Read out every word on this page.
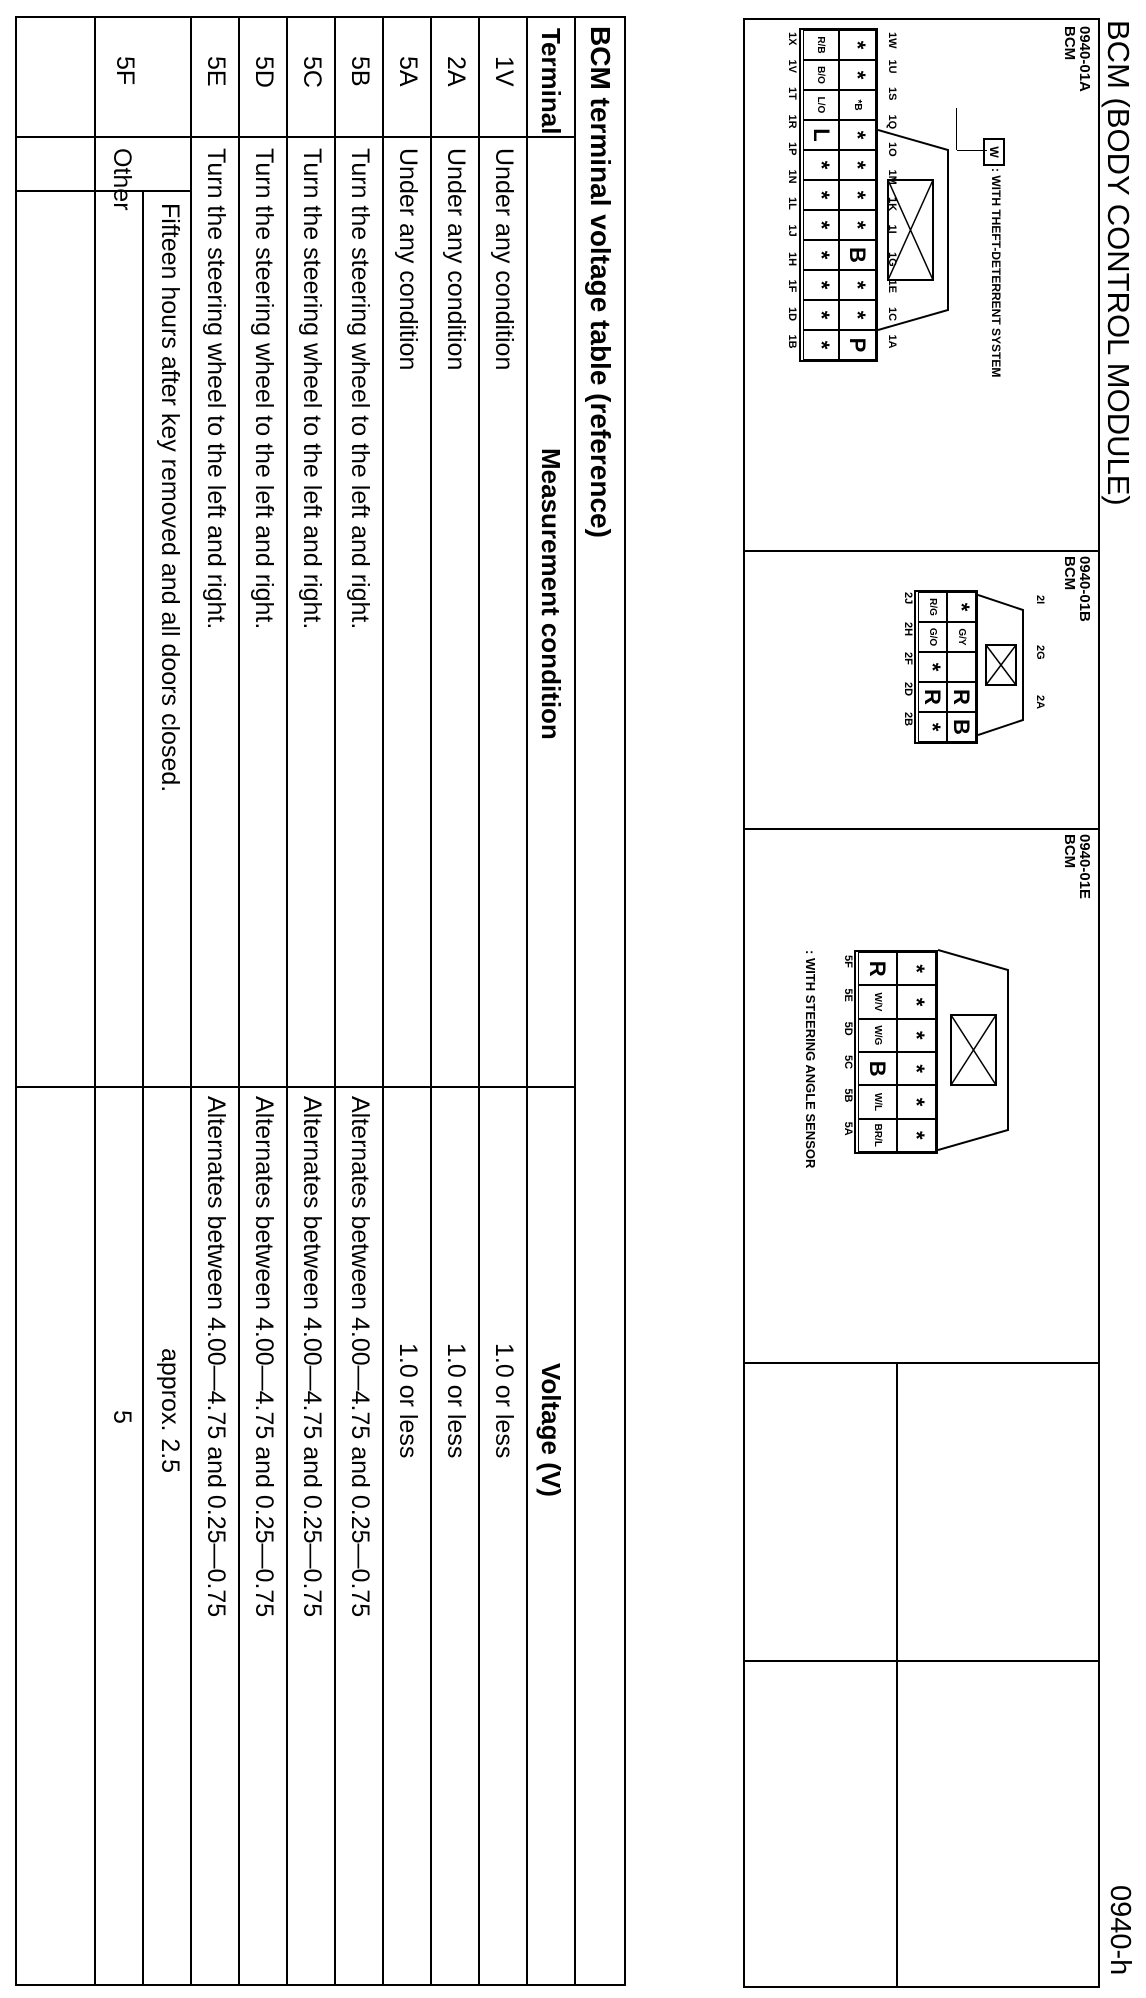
BCM (BODY CONTROL MODULE)
0940-h
0940-01A
BCM
W
: WITH THEFT-DETERRENT SYSTEM
*
*
*B
*
*
*
*
B
*
*
P
R/B
B/O
L/O
L
*
*
*
*
*
*
*
0940-01B
BCM
*
G/Y
R
B
R/G
G/O
*
R
*
0940-01E
BCM
*
*
*
*
*
*
R
W/V
W/G
B
W/L
BR/L
: WITH STEERING ANGLE SENSOR
1W
1U
1S
1Q
1O
1M
1K
1I
1G
1E
1C
1A
1X
1V
1T
1R
1P
1N
1L
1J
1H
1F
1D
1B
2I
2G
2A
2J
2H
2F
2D
2B
5F
5E
5D
5C
5B
5A
BCM terminal voltage table (reference)
Terminal
Measurement condition
Voltage (V)
5F
Fifteen hours after key removed and all doors closed.
approx. 2.5
Other
5
1V
Under any condition
1.0 or less
2A
Under any condition
1.0 or less
5A
Under any condition
1.0 or less
5B
Turn the steering wheel to the left and right.
Alternates between 4.00—4.75 and 0.25—0.75
5C
Turn the steering wheel to the left and right.
Alternates between 4.00—4.75 and 0.25—0.75
5D
Turn the steering wheel to the left and right.
Alternates between 4.00—4.75 and 0.25—0.75
5E
Turn the steering wheel to the left and right.
Alternates between 4.00—4.75 and 0.25—0.75
